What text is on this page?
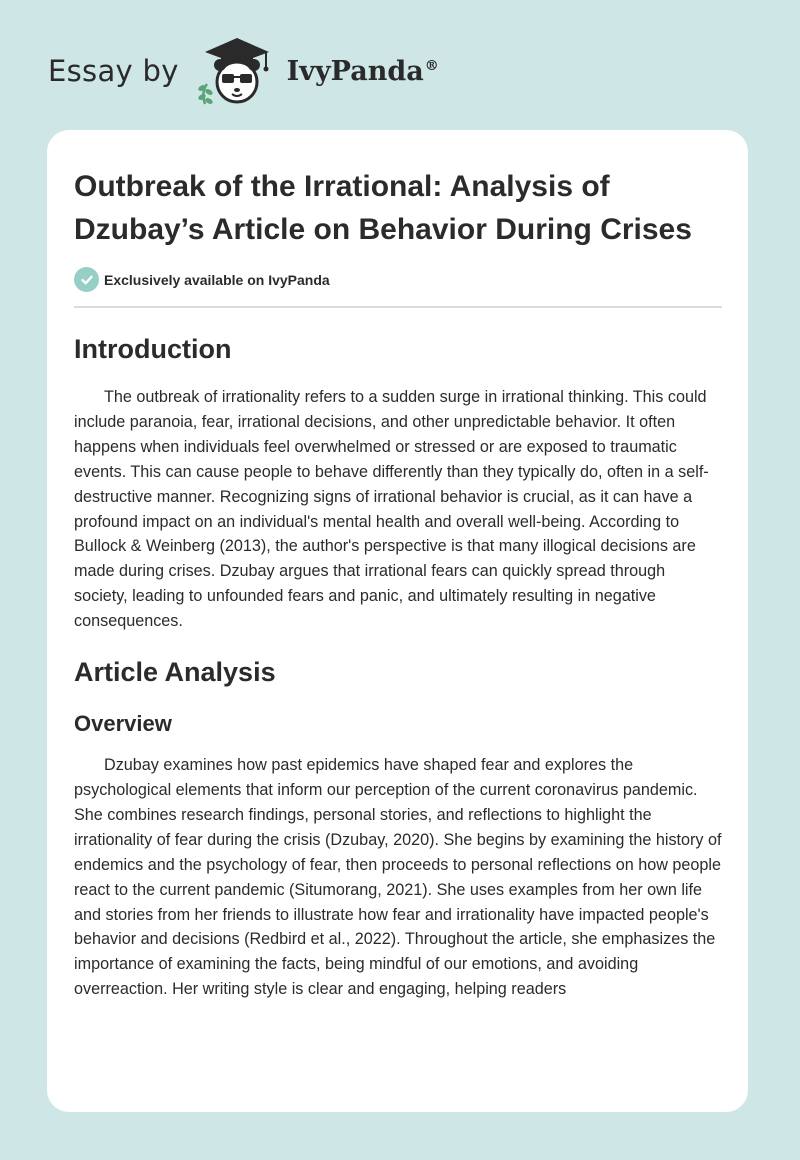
Essay by	IvyPanda®
Outbreak of the Irrational: Analysis of Dzubay’s Article on Behavior During Crises
Exclusively available on IvyPanda
Introduction

The outbreak of irrationality refers to a sudden surge in irrational thinking. This could include paranoia, fear, irrational decisions, and other unpredictable behavior. It often happens when individuals feel overwhelmed or stressed or are exposed to traumatic events. This can cause people to behave differently than they typically do, often in a self-destructive manner. Recognizing signs of irrational behavior is crucial, as it can have a profound impact on an individual's mental health and overall well-being. According to Bullock & Weinberg (2013), the author's perspective is that many illogical decisions are made during crises. Dzubay argues that irrational fears can quickly spread through society, leading to unfounded fears and panic, and ultimately resulting in negative consequences.

Article Analysis
Overview

Dzubay examines how past epidemics have shaped fear and explores the psychological elements that inform our perception of the current coronavirus pandemic. She combines research findings, personal stories, and reflections to highlight the irrationality of fear during the crisis (Dzubay, 2020). She begins by examining the history of endemics and the psychology of fear, then proceeds to personal reflections on how people react to the current pandemic (Situmorang, 2021). She uses examples from her own life and stories from her friends to illustrate how fear and irrationality have impacted people's behavior and decisions (Redbird et al., 2022). Throughout the article, she emphasizes the importance of examining the facts, being mindful of our emotions, and avoiding overreaction. Her writing style is clear and engaging, helping readers
